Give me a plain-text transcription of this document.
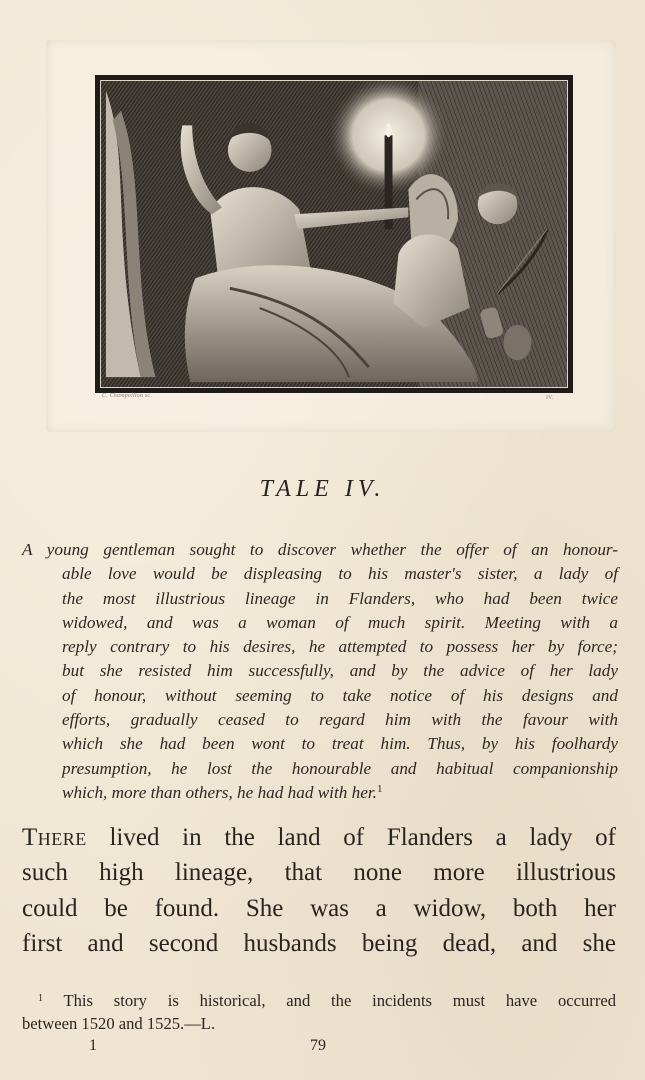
C. Champollion sc.	IV.
TALE IV.
A young gentleman sought to discover whether the offer of an honour-
able love would be displeasing to his master's sister, a lady of
the most illustrious lineage in Flanders, who had been twice
widowed, and was a woman of much spirit. Meeting with a
reply contrary to his desires, he attempted to possess her by force;
but she resisted him successfully, and by the advice of her lady
of honour, without seeming to take notice of his designs and
efforts, gradually ceased to regard him with the favour with
which she had been wont to treat him. Thus, by his foolhardy
presumption, he lost the honourable and habitual companionship
which, more than others, he had had with her.$^1$
There lived in the land of Flanders a lady of
such high lineage, that none more illustrious
could be found. She was a widow, both her
first and second husbands being dead, and she
$^1$ This story is historical, and the incidents must have occurred
between 1520 and 1525.—L.
1	79
